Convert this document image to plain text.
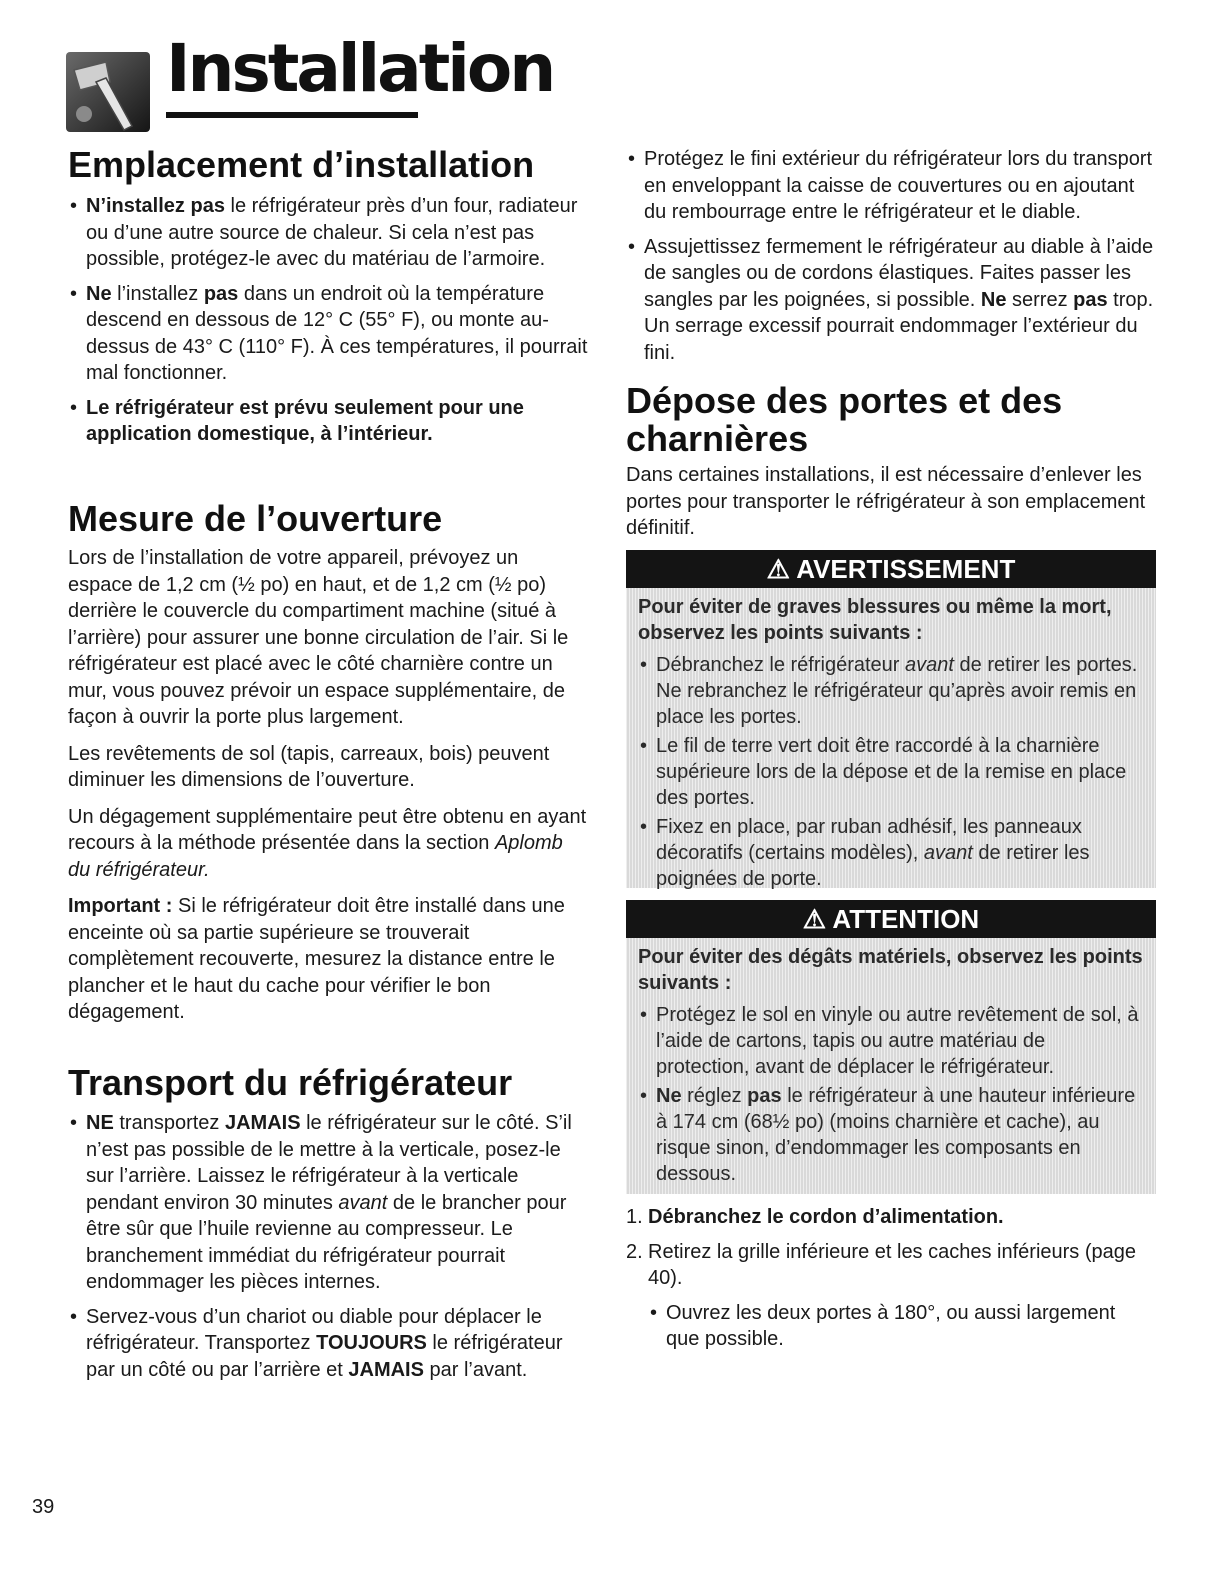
Installation
Emplacement d’installation
• N’installez pas le réfrigérateur près d’un four, radiateur ou d’une autre source de chaleur. Si cela n’est pas possible, protégez-le avec du matériau de l’armoire.
• Ne l’installez pas dans un endroit où la température descend en dessous de 12° C (55° F), ou monte au-dessus de 43° C (110° F). À ces températures, il pourrait mal fonctionner.
• Le réfrigérateur est prévu seulement pour une application domestique, à l’intérieur.
Mesure de l’ouverture

Lors de l’installation de votre appareil, prévoyez un espace de 1,2 cm (½ po) en haut, et de 1,2 cm (½ po) derrière le couvercle du compartiment machine (situé à l’arrière) pour assurer une bonne circulation de l’air. Si le réfrigérateur est placé avec le côté charnière contre un mur, vous pouvez prévoir un espace supplémentaire, de façon à ouvrir la porte plus largement.

Les revêtements de sol (tapis, carreaux, bois) peuvent diminuer les dimensions de l’ouverture.

Un dégagement supplémentaire peut être obtenu en ayant recours à la méthode présentée dans la section Aplomb du réfrigérateur.

Important : Si le réfrigérateur doit être installé dans une enceinte où sa partie supérieure se trouverait complètement recouverte, mesurez la distance entre le plancher et le haut du cache pour vérifier le bon dégagement.

Transport du réfrigérateur
• NE transportez JAMAIS le réfrigérateur sur le côté. S’il n’est pas possible de le mettre à la verticale, posez-le sur l’arrière. Laissez le réfrigérateur à la verticale pendant environ 30 minutes avant de le brancher pour être sûr que l’huile revienne au compresseur. Le branchement immédiat du réfrigérateur pourrait endommager les pièces internes.
• Servez-vous d’un chariot ou diable pour déplacer le réfrigérateur. Transportez TOUJOURS le réfrigérateur par un côté ou par l’arrière et JAMAIS par l’avant.
• Protégez le fini extérieur du réfrigérateur lors du transport en enveloppant la caisse de couvertures ou en ajoutant du rembourrage entre le réfrigérateur et le diable.
• Assujettissez fermement le réfrigérateur au diable à l’aide de sangles ou de cordons élastiques. Faites passer les sangles par les poignées, si possible. Ne serrez pas trop. Un serrage excessif pourrait endommager l’extérieur du fini.
Dépose des portes et des charnières

Dans certaines installations, il est nécessaire d’enlever les portes pour transporter le réfrigérateur à son emplacement définitif.

⚠ AVERTISSEMENT

Pour éviter de graves blessures ou même la mort, observez les points suivants :

• Débranchez le réfrigérateur avant de retirer les portes. Ne rebranchez le réfrigérateur qu’après avoir remis en place les portes.
• Le fil de terre vert doit être raccordé à la charnière supérieure lors de la dépose et de la remise en place des portes.
• Fixez en place, par ruban adhésif, les panneaux décoratifs (certains modèles), avant de retirer les poignées de porte.
⚠ ATTENTION

Pour éviter des dégâts matériels, observez les points suivants :

• Protégez le sol en vinyle ou autre revêtement de sol, à l’aide de cartons, tapis ou autre matériau de protection, avant de déplacer le réfrigérateur.
• Ne réglez pas le réfrigérateur à une hauteur inférieure à 174 cm (68½ po) (moins charnière et cache), au risque sinon, d’endommager les composants en dessous.
1. Débranchez le cordon d’alimentation.
2. Retirez la grille inférieure et les caches inférieurs (page 40).
• Ouvrez les deux portes à 180°, ou aussi largement que possible.
39
